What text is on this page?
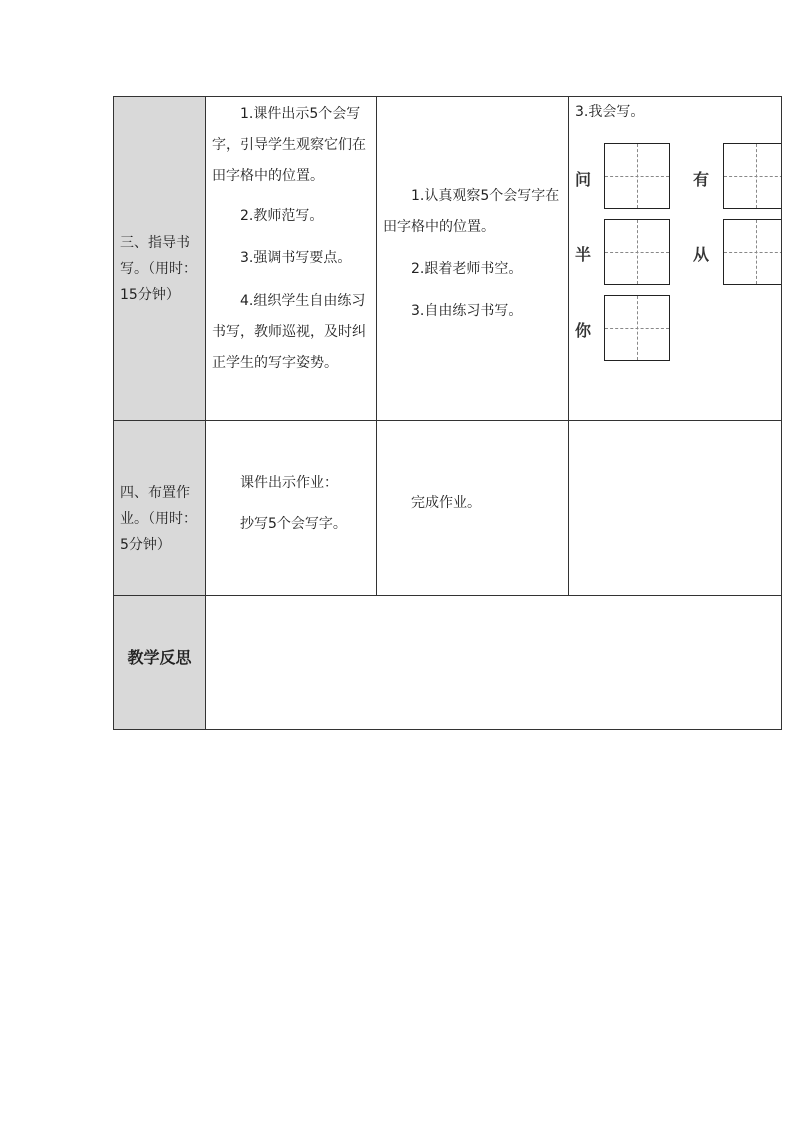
三、指导书写。（用时：15分钟）
1.课件出示5个会写字，引导学生观察它们在田字格中的位置。
2.教师范写。
3.强调书写要点。
4.组织学生自由练习书写，教师巡视，及时纠正学生的写字姿势。
1.认真观察5个会写字在田字格中的位置。
2.跟着老师书空。
3.自由练习书写。
3.我会写。
问	有
半	从
你
四、布置作业。（用时：5分钟）
课件出示作业：
抄写5个会写字。
完成作业。
教学反思
